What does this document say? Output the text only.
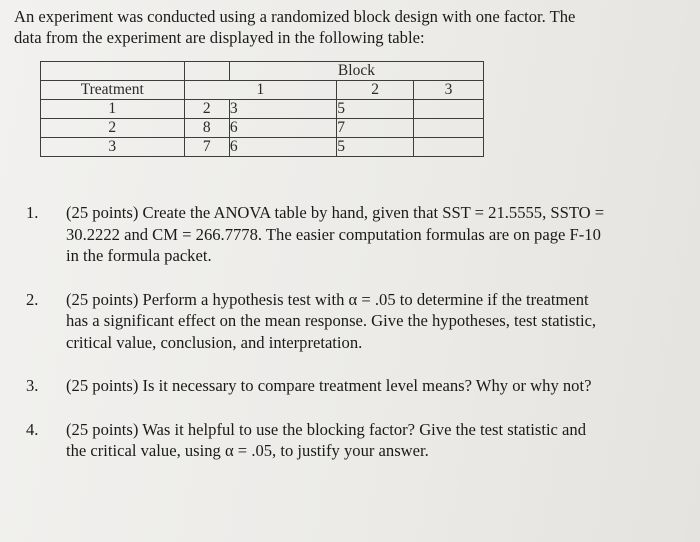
An experiment was conducted using a randomized block design with one factor. The
data from the experiment are displayed in the following table:
		Block		
Treatment	1		2	3
1	2	3	5	
2	8	6	7	
3	7	6	5	
1. (25 points) Create the ANOVA table by hand, given that SST = 21.5555, SSTO =
30.2222 and CM = 266.7778. The easier computation formulas are on page F-10
in the formula packet.
2. (25 points) Perform a hypothesis test with α = .05 to determine if the treatment
has a significant effect on the mean response. Give the hypotheses, test statistic,
critical value, conclusion, and interpretation.
3. (25 points) Is it necessary to compare treatment level means? Why or why not?
4. (25 points) Was it helpful to use the blocking factor? Give the test statistic and
the critical value, using α = .05, to justify your answer.
